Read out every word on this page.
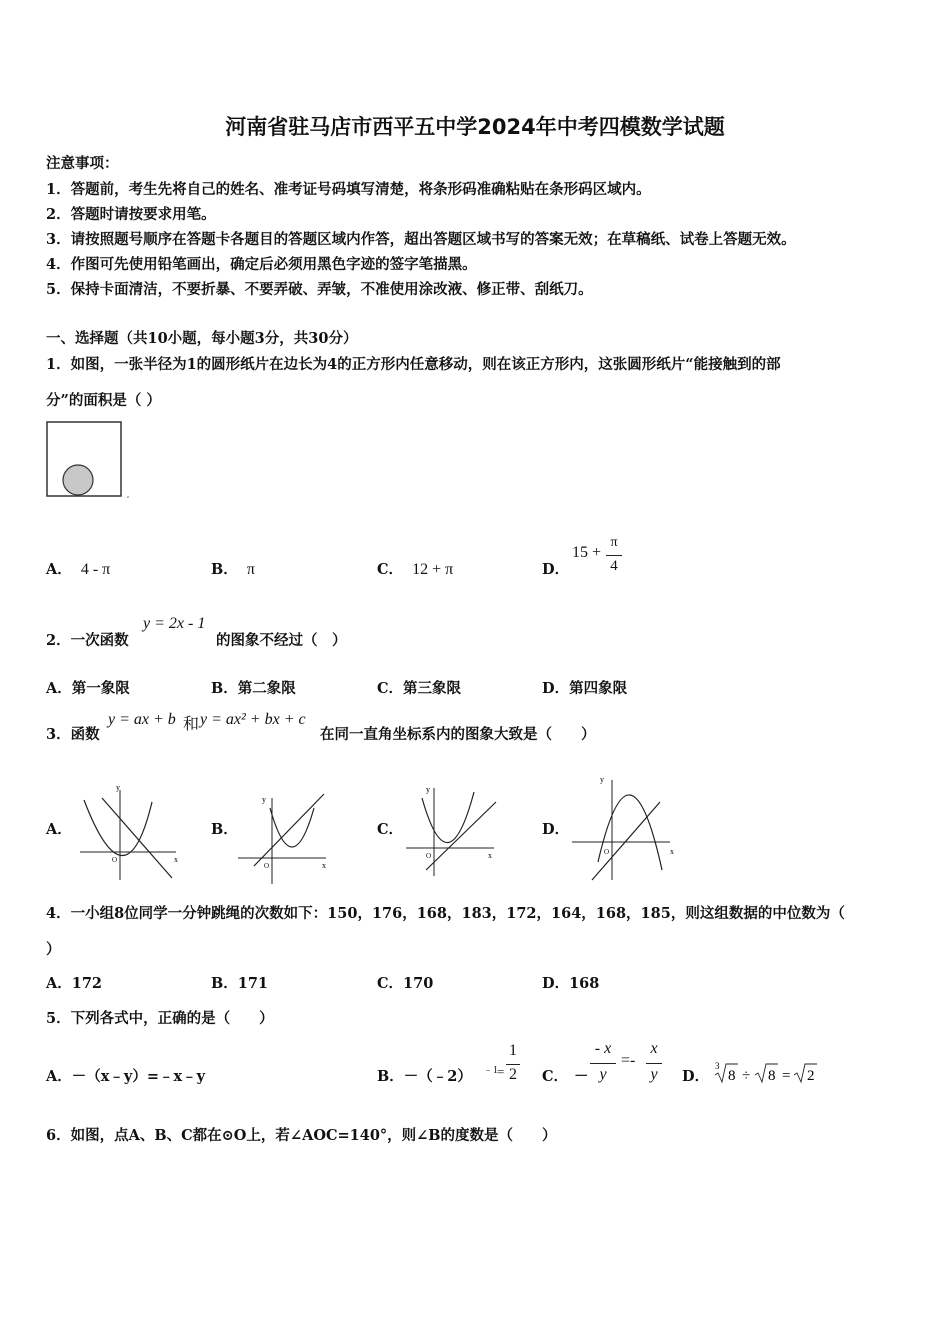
河南省驻马店市西平五中学2024年中考四模数学试题
注意事项：
1．答题前，考生先将自己的姓名、准考证号码填写清楚，将条形码准确粘贴在条形码区域内。
2．答题时请按要求用笔。
3．请按照题号顺序在答题卡各题目的答题区域内作答，超出答题区域书写的答案无效；在草稿纸、试卷上答题无效。
4．作图可先使用铅笔画出，确定后必须用黑色字迹的签字笔描黑。
5．保持卡面清洁，不要折暴、不要弄破、弄皱，不准使用涂改液、修正带、刮纸刀。
一、选择题（共10小题，每小题3分，共30分）
1．如图，一张半径为1的圆形纸片在边长为4的正方形内任意移动，则在该正方形内，这张圆形纸片“能接触到的部
分”的面积是（ ）
A． 4 - π	B． π	C． 12 + π	D．
15 +
π
4
2．一次函数
y = 2x - 1
的图象不经过（　）
A．第一象限	B．第二象限	C．第三象限	D．第四象限
3．函数
y = ax + b 和 y = ax² + bx + c
在同一直角坐标系内的图象大致是（　　）
A．	B．	C．	D．
x
y
O
x
y
O
x
y
O	x
y
O
4．一小组8位同学一分钟跳绳的次数如下：150，176，168，183，172，164，168，185，则这组数据的中位数为（
）
A．172	B．171	C．170	D．168
5．下列各式中，正确的是（　　）
A．－（x﹣y）=﹣x﹣y	B．－（﹣2） ﹣1 =
1
2 C． －
- x
y
=-
x
y	D．
3
8 ÷ 8 = 2
6．如图，点A、B、C都在⊙O上，若∠AOC=140°，则∠B的度数是（　　）
